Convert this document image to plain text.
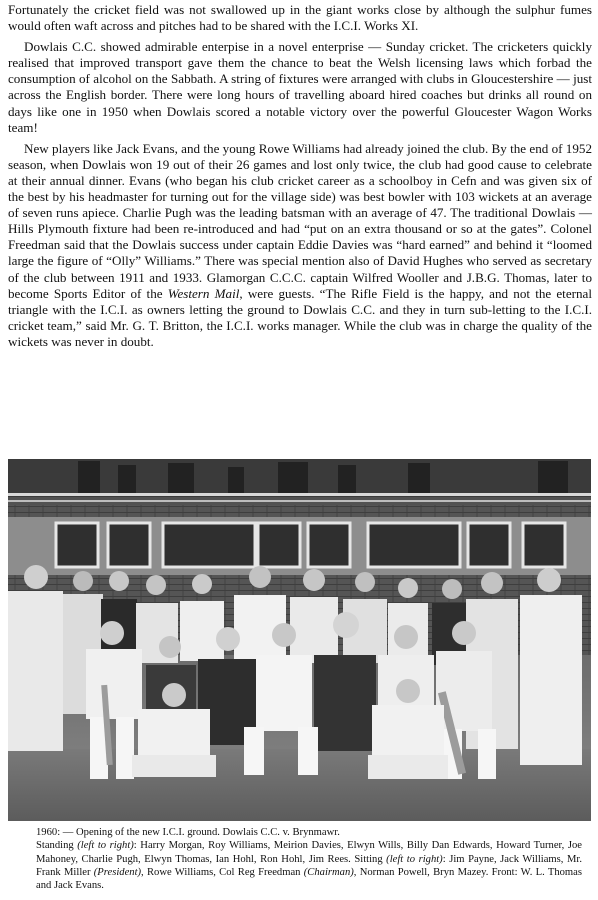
Fortunately the cricket field was not swallowed up in the giant works close by although the sulphur fumes would often waft across and pitches had to be shared with the I.C.I. Works XI.

Dowlais C.C. showed admirable enterpise in a novel enterprise — Sunday cricket. The cricketers quickly realised that improved transport gave them the chance to beat the Welsh licensing laws which forbad the consumption of alcohol on the Sabbath. A string of fixtures were arranged with clubs in Gloucestershire — just across the English border. There were long hours of travelling aboard hired coaches but drinks all round on days like one in 1950 when Dowlais scored a notable victory over the powerful Gloucester Wagon Works team!

New players like Jack Evans, and the young Rowe Williams had already joined the club. By the end of 1952 season, when Dowlais won 19 out of their 26 games and lost only twice, the club had good cause to celebrate at their annual dinner. Evans (who began his club cricket career as a schoolboy in Cefn and was given six of the best by his headmaster for turning out for the village side) was best bowler with 103 wickets at an average of seven runs apiece. Charlie Pugh was the leading batsman with an average of 47. The traditional Dowlais — Hills Plymouth fixture had been re-introduced and had “put on an extra thousand or so at the gates”. Colonel Freedman said that the Dowlais success under captain Eddie Davies was “hard earned” and behind it “loomed large the figure of “Olly” Williams.” There was special mention also of David Hughes who served as secretary of the club between 1911 and 1933. Glamorgan C.C.C. captain Wilfred Wooller and J.B.G. Thomas, later to become Sports Editor of the Western Mail, were guests. “The Rifle Field is the happy, and not the eternal triangle with the I.C.I. as owners letting the ground to Dowlais C.C. and they in turn sub-letting to the I.C.I. cricket team,” said Mr. G. T. Britton, the I.C.I. works manager. While the club was in charge the quality of the wickets was never in doubt.

1960: — Opening of the new I.C.I. ground. Dowlais C.C. v. Brynmawr.
Standing (left to right): Harry Morgan, Roy Williams, Meirion Davies, Elwyn Wills, Billy Dan Edwards, Howard Turner, Joe Mahoney, Charlie Pugh, Elwyn Thomas, Ian Hohl, Ron Hohl, Jim Rees. Sitting (left to right): Jim Payne, Jack Williams, Mr. Frank Miller (President), Rowe Williams, Col Reg Freedman (Chairman), Norman Powell, Bryn Mazey. Front: W. L. Thomas and Jack Evans.
